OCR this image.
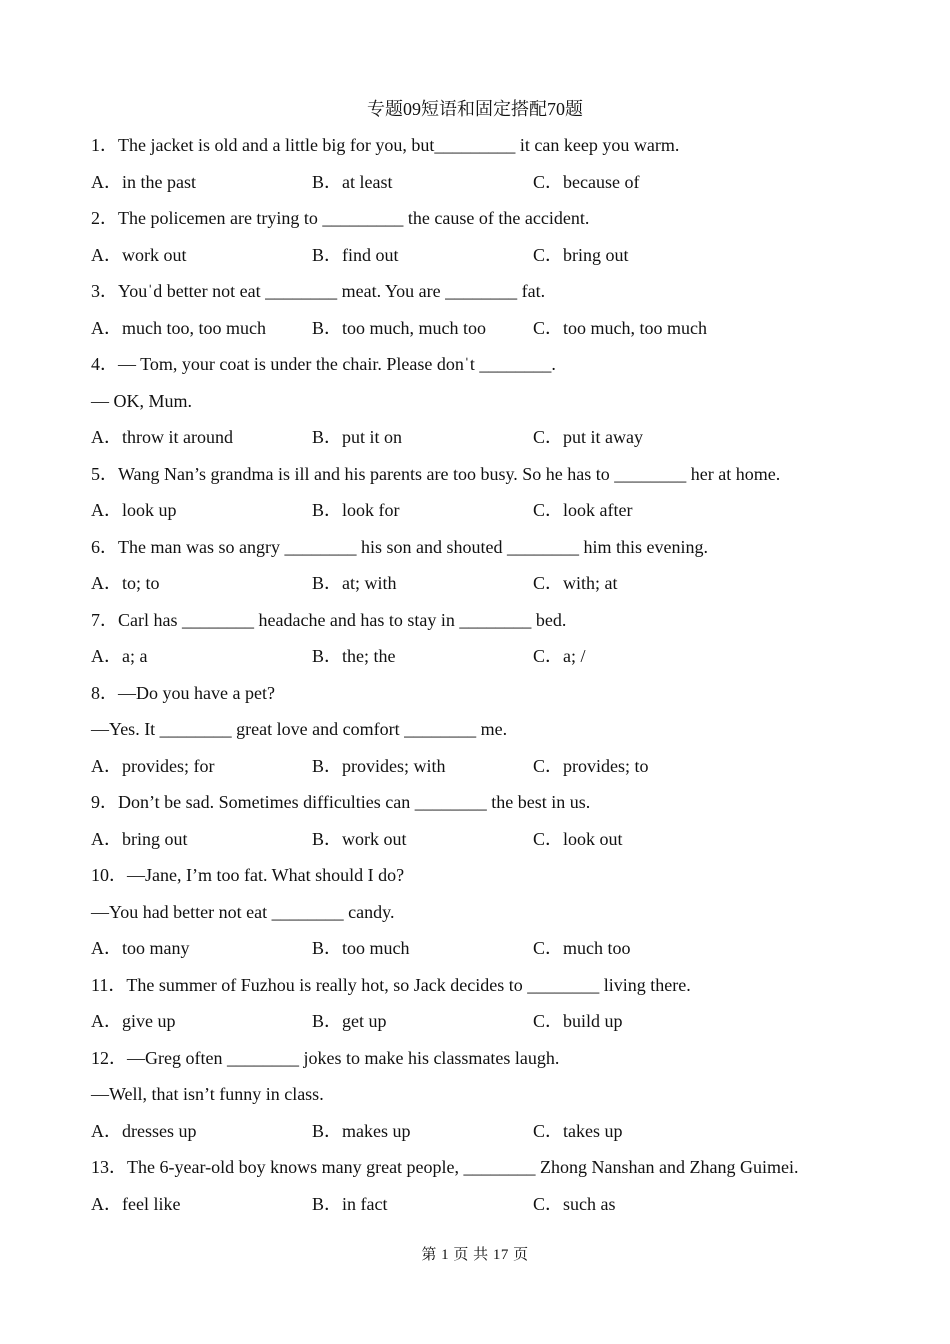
专题09短语和固定搭配70题
1．The jacket is old and a little big for you, but_________ it can keep you warm.
A．in the past	B．at least	C．because of
2．The policemen are trying to _________ the cause of the accident.
A．work out	B．find out	C．bring out
3．Youˈd better not eat ________ meat. You are ________ fat.
A．much too, too much	B．too much, much too	C．too much, too much
4．— Tom, your coat is under the chair. Please donˈt ________.
— OK, Mum.
A．throw it around	B．put it on	C．put it away
5．Wang Nan’s grandma is ill and his parents are too busy. So he has to ________ her at home.
A．look up	B．look for	C．look after
6．The man was so angry ________ his son and shouted ________ him this evening.
A．to; to	B．at; with	C．with; at
7．Carl has ________ headache and has to stay in ________ bed.
A．a; a	B．the; the	C．a; /
8．—Do you have a pet?
—Yes. It ________ great love and comfort ________ me.
A．provides; for	B．provides; with	C．provides; to
9．Don’t be sad. Sometimes difficulties can ________ the best in us.
A．bring out	B．work out	C．look out
10．—Jane, I’m too fat. What should I do?
—You had better not eat ________ candy.
A．too many	B．too much	C．much too
11．The summer of Fuzhou is really hot, so Jack decides to ________ living there.
A．give up	B．get up	C．build up
12．—Greg often ________ jokes to make his classmates laugh.
—Well, that isn’t funny in class.
A．dresses up	B．makes up	C．takes up
13．The 6-year-old boy knows many great people, ________ Zhong Nanshan and Zhang Guimei.
A．feel like	B．in fact	C．such as
第 1 页 共 17 页
